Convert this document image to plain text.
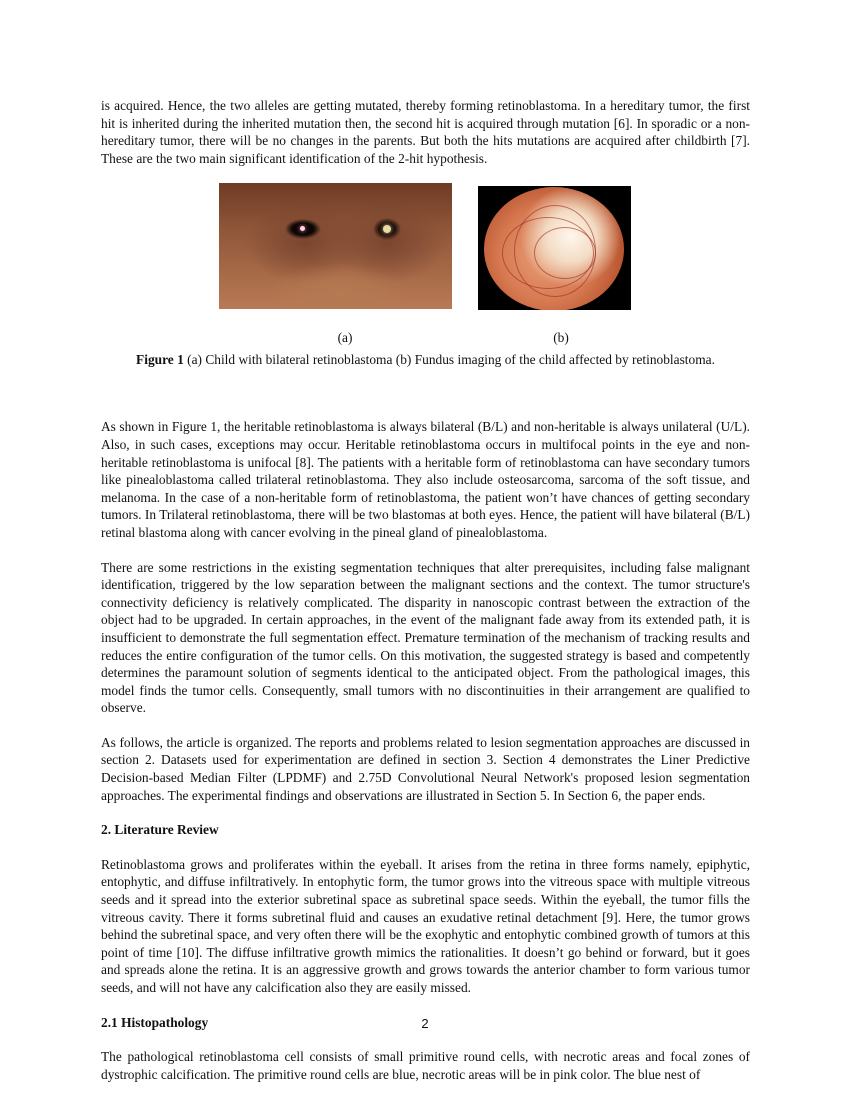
is acquired. Hence, the two alleles are getting mutated, thereby forming retinoblastoma. In a hereditary tumor, the first hit is inherited during the inherited mutation then, the second hit is acquired through mutation [6]. In sporadic or a non-hereditary tumor, there will be no changes in the parents. But both the hits mutations are acquired after childbirth [7]. These are the two main significant identification of the 2-hit hypothesis.

(a)	(b)
Figure 1 (a) Child with bilateral retinoblastoma (b) Fundus imaging of the child affected by retinoblastoma.

As shown in Figure 1, the heritable retinoblastoma is always bilateral (B/L) and non-heritable is always unilateral (U/L). Also, in such cases, exceptions may occur. Heritable retinoblastoma occurs in multifocal points in the eye and non-heritable retinoblastoma is unifocal [8]. The patients with a heritable form of retinoblastoma can have secondary tumors like pinealoblastoma called trilateral retinoblastoma. They also include osteosarcoma, sarcoma of the soft tissue, and melanoma. In the case of a non-heritable form of retinoblastoma, the patient won’t have chances of getting secondary tumors. In Trilateral retinoblastoma, there will be two blastomas at both eyes. Hence, the patient will have bilateral (B/L) retinal blastoma along with cancer evolving in the pineal gland of pinealoblastoma.

There are some restrictions in the existing segmentation techniques that alter prerequisites, including false malignant identification, triggered by the low separation between the malignant sections and the context. The tumor structure's connectivity deficiency is relatively complicated. The disparity in nanoscopic contrast between the extraction of the object had to be upgraded. In certain approaches, in the event of the malignant fade away from its extended path, it is insufficient to demonstrate the full segmentation effect. Premature termination of the mechanism of tracking results and reduces the entire configuration of the tumor cells. On this motivation, the suggested strategy is based and competently determines the paramount solution of segments identical to the anticipated object. From the pathological images, this model finds the tumor cells. Consequently, small tumors with no discontinuities in their arrangement are qualified to observe.

As follows, the article is organized. The reports and problems related to lesion segmentation approaches are discussed in section 2. Datasets used for experimentation are defined in section 3. Section 4 demonstrates the Liner Predictive Decision-based Median Filter (LPDMF) and 2.75D Convolutional Neural Network's proposed lesion segmentation approaches. The experimental findings and observations are illustrated in Section 5. In Section 6, the paper ends.

2. Literature Review

Retinoblastoma grows and proliferates within the eyeball. It arises from the retina in three forms namely, epiphytic, entophytic, and diffuse infiltratively. In entophytic form, the tumor grows into the vitreous space with multiple vitreous seeds and it spread into the exterior subretinal space as subretinal space seeds. Within the eyeball, the tumor fills the vitreous cavity. There it forms subretinal fluid and causes an exudative retinal detachment [9]. Here, the tumor grows behind the subretinal space, and very often there will be the exophytic and entophytic combined growth of tumors at this point of time [10]. The diffuse infiltrative growth mimics the rationalities. It doesn’t go behind or forward, but it goes and spreads alone the retina. It is an aggressive growth and grows towards the anterior chamber to form various tumor seeds, and will not have any calcification also they are easily missed.

2.1 Histopathology

The pathological retinoblastoma cell consists of small primitive round cells, with necrotic areas and focal zones of dystrophic calcification. The primitive round cells are blue, necrotic areas will be in pink color. The blue nest of

2
